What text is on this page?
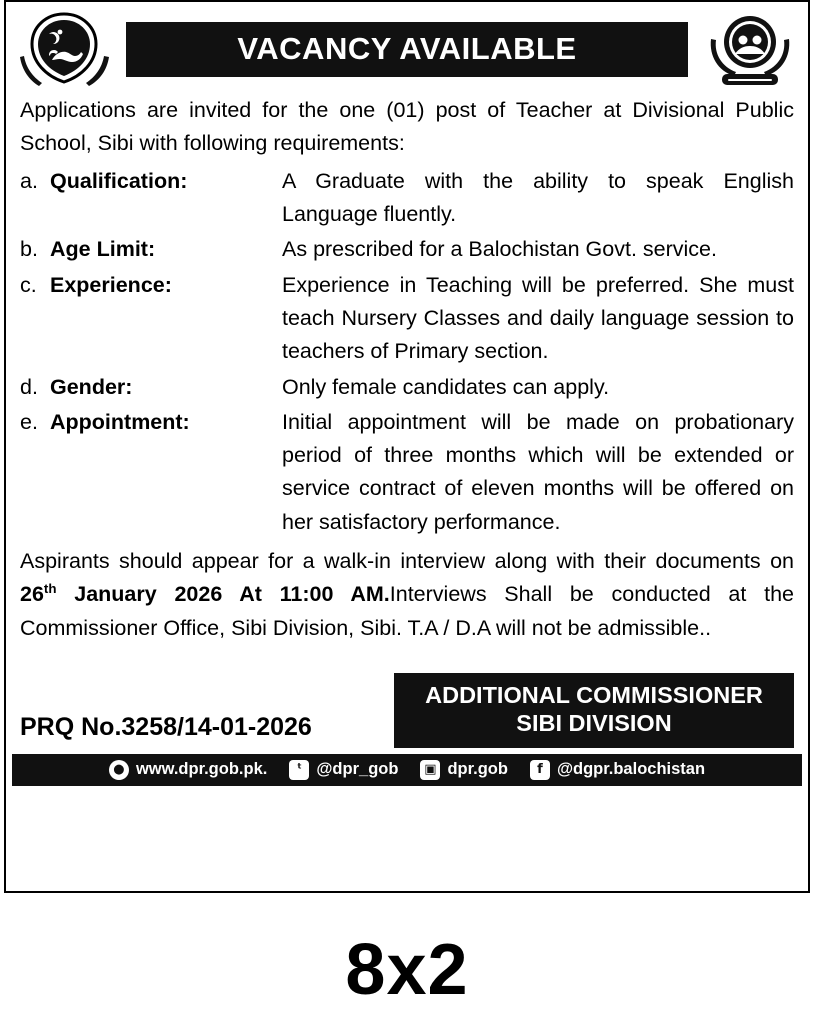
VACANCY AVAILABLE

Applications are invited for the one (01) post of Teacher at Divisional Public School, Sibi with following requirements:

a.	Qualification:	A Graduate with the ability to speak English Language fluently.
b.	Age Limit:	As prescribed for a Balochistan Govt. service.
c.	Experience:	Experience in Teaching will be preferred. She must teach Nursery Classes and daily language session to teachers of Primary section.
d.	Gender:	Only female candidates can apply.
e.	Appointment:	Initial appointment will be made on probationary period of three months which will be extended or service contract of eleven months will be offered on her satisfactory performance.

Aspirants should appear for a walk-in interview along with their documents on 26th January 2026 At 11:00 AM.Interviews Shall be conducted at the Commissioner Office, Sibi Division, Sibi. T.A / D.A will not be admissible..

PRQ No.3258/14-01-2026
ADDITIONAL COMMISSIONER
SIBI DIVISION
● www.dpr.gob.pk.	ᵗ @dpr_gob ▣ dpr.gob	f @dgpr.balochistan
8x2
